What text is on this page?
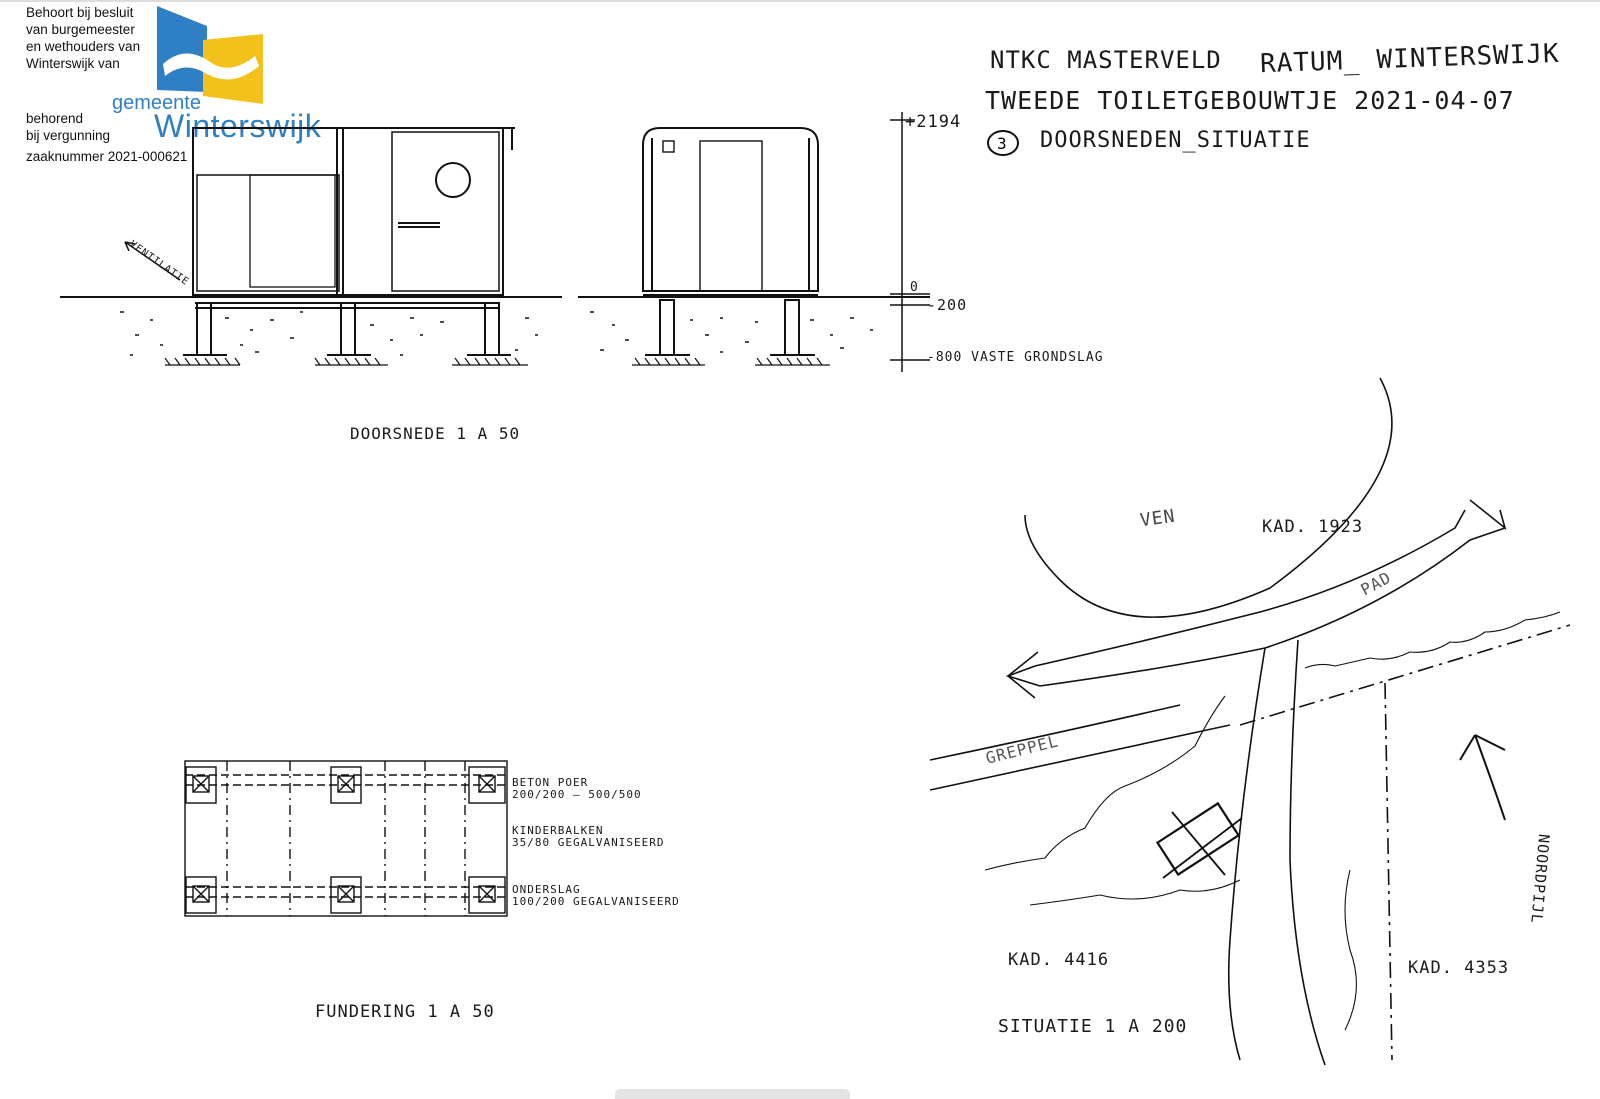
Behoort bij besluit
van burgemeester
en wethouders van
Winterswijk van
behorend
bij vergunning
zaaknummer 2021-000621
gemeente
Winterswijk
NTKC MASTERVELD RATUM_ WINTERSWIJK
TWEEDE TOILETGEBOUWTJE 2021-04-07
3 DOORSNEDEN_SITUATIE
VENTILATIE
+2194
0
-200
-800 VASTE GRONDSLAG
DOORSNEDE 1 A 50
BETON POER
200/200 — 500/500
KINDERBALKEN
35/80 GEGALVANISEERD
ONDERSLAG
100/200 GEGALVANISEERD
FUNDERING 1 A 50
VEN	KAD. 1923
PAD
GREPPEL
NOORDPIJL
KAD. 4416	KAD. 4353
SITUATIE 1 A 200
